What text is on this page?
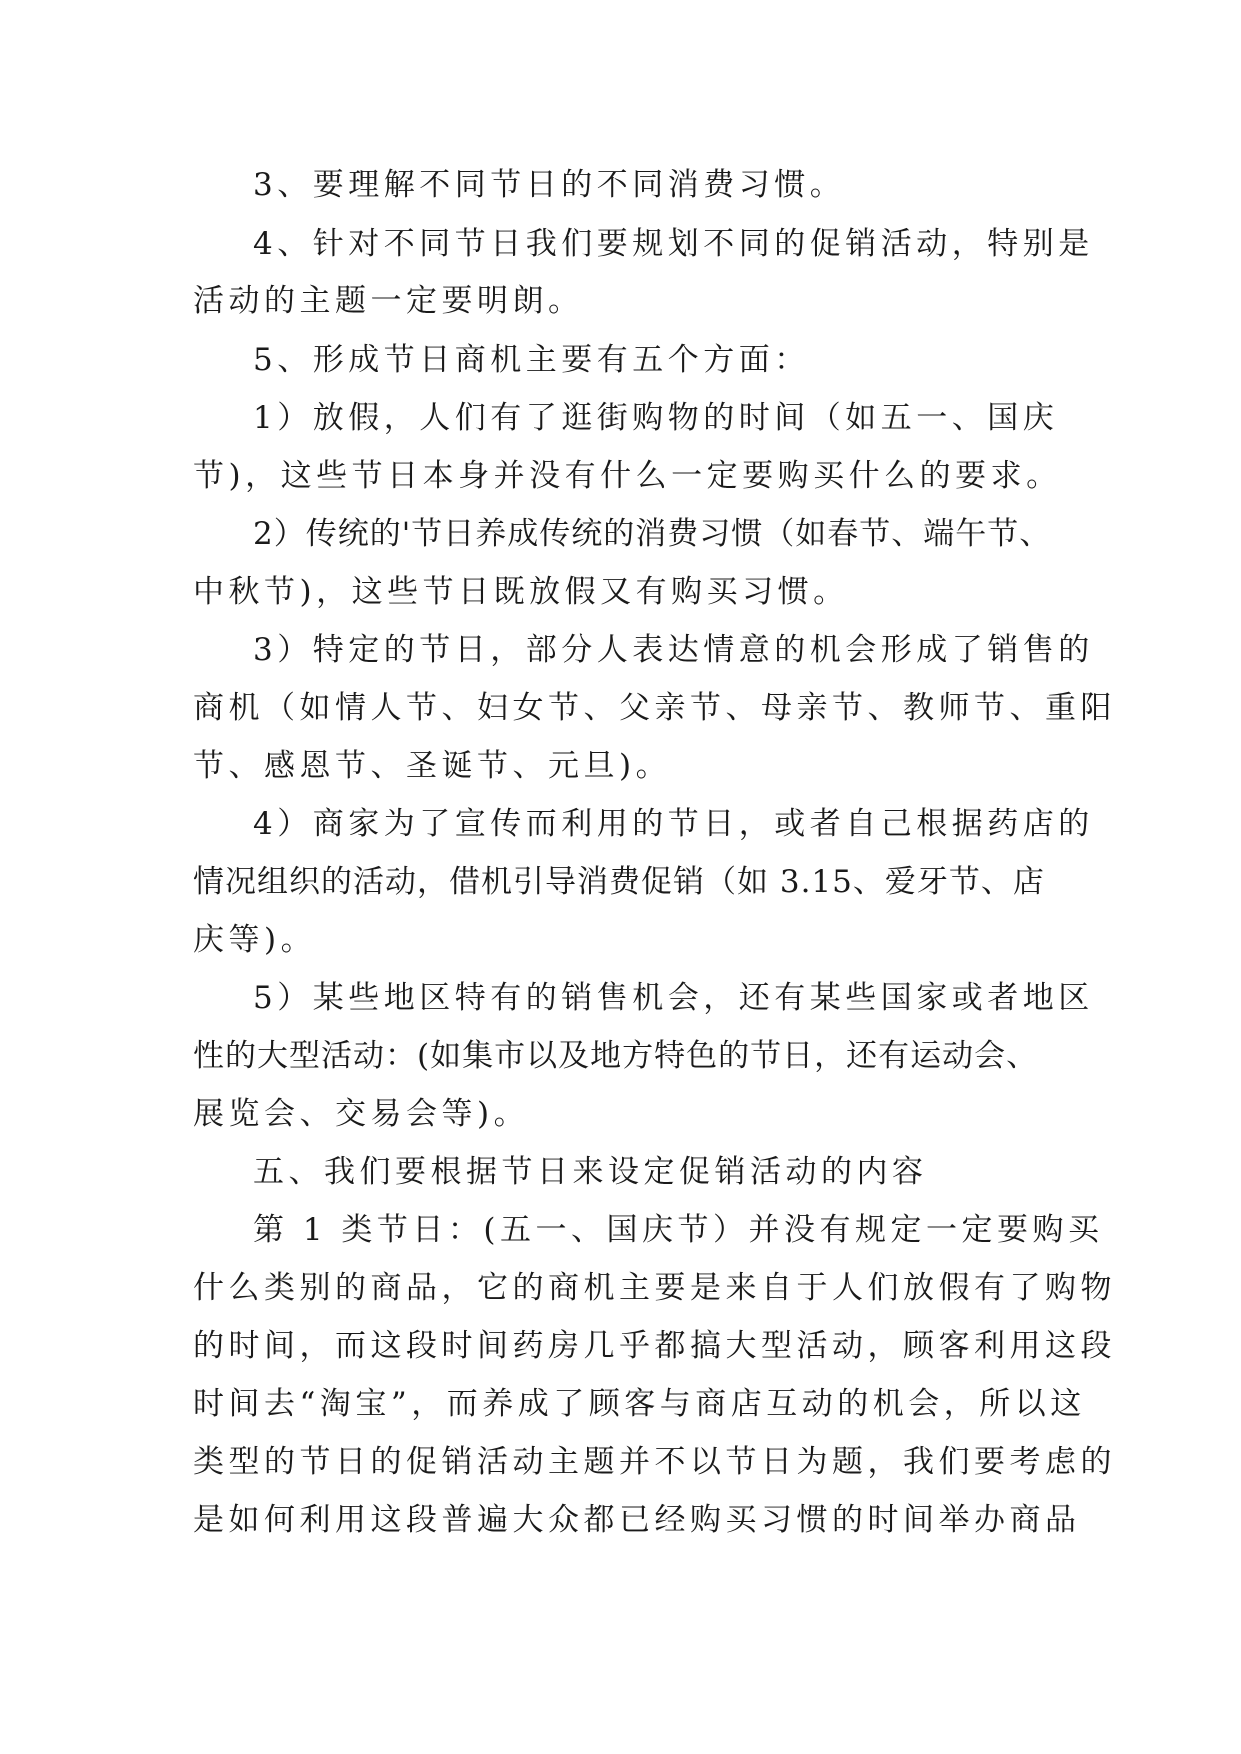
3、要理解不同节日的不同消费习惯。
4、针对不同节日我们要规划不同的促销活动，特别是
活动的主题一定要明朗。
5、形成节日商机主要有五个方面：
1）放假，人们有了逛街购物的时间（如五一、国庆
节)，这些节日本身并没有什么一定要购买什么的要求。
2）传统的'节日养成传统的消费习惯（如春节、端午节、
中秋节)，这些节日既放假又有购买习惯。
3）特定的节日，部分人表达情意的机会形成了销售的
商机（如情人节、妇女节、父亲节、母亲节、教师节、重阳
节、感恩节、圣诞节、元旦)。
4）商家为了宣传而利用的节日，或者自己根据药店的
情况组织的活动，借机引导消费促销（如 3.15、爱牙节、店
庆等)。
5）某些地区特有的销售机会，还有某些国家或者地区
性的大型活动：(如集市以及地方特色的节日，还有运动会、
展览会、交易会等)。
五、我们要根据节日来设定促销活动的内容
第 1 类节日：(五一、国庆节）并没有规定一定要购买
什么类别的商品，它的商机主要是来自于人们放假有了购物
的时间，而这段时间药房几乎都搞大型活动，顾客利用这段
时间去“淘宝”，而养成了顾客与商店互动的机会，所以这
类型的节日的促销活动主题并不以节日为题，我们要考虑的
是如何利用这段普遍大众都已经购买习惯的时间举办商品
